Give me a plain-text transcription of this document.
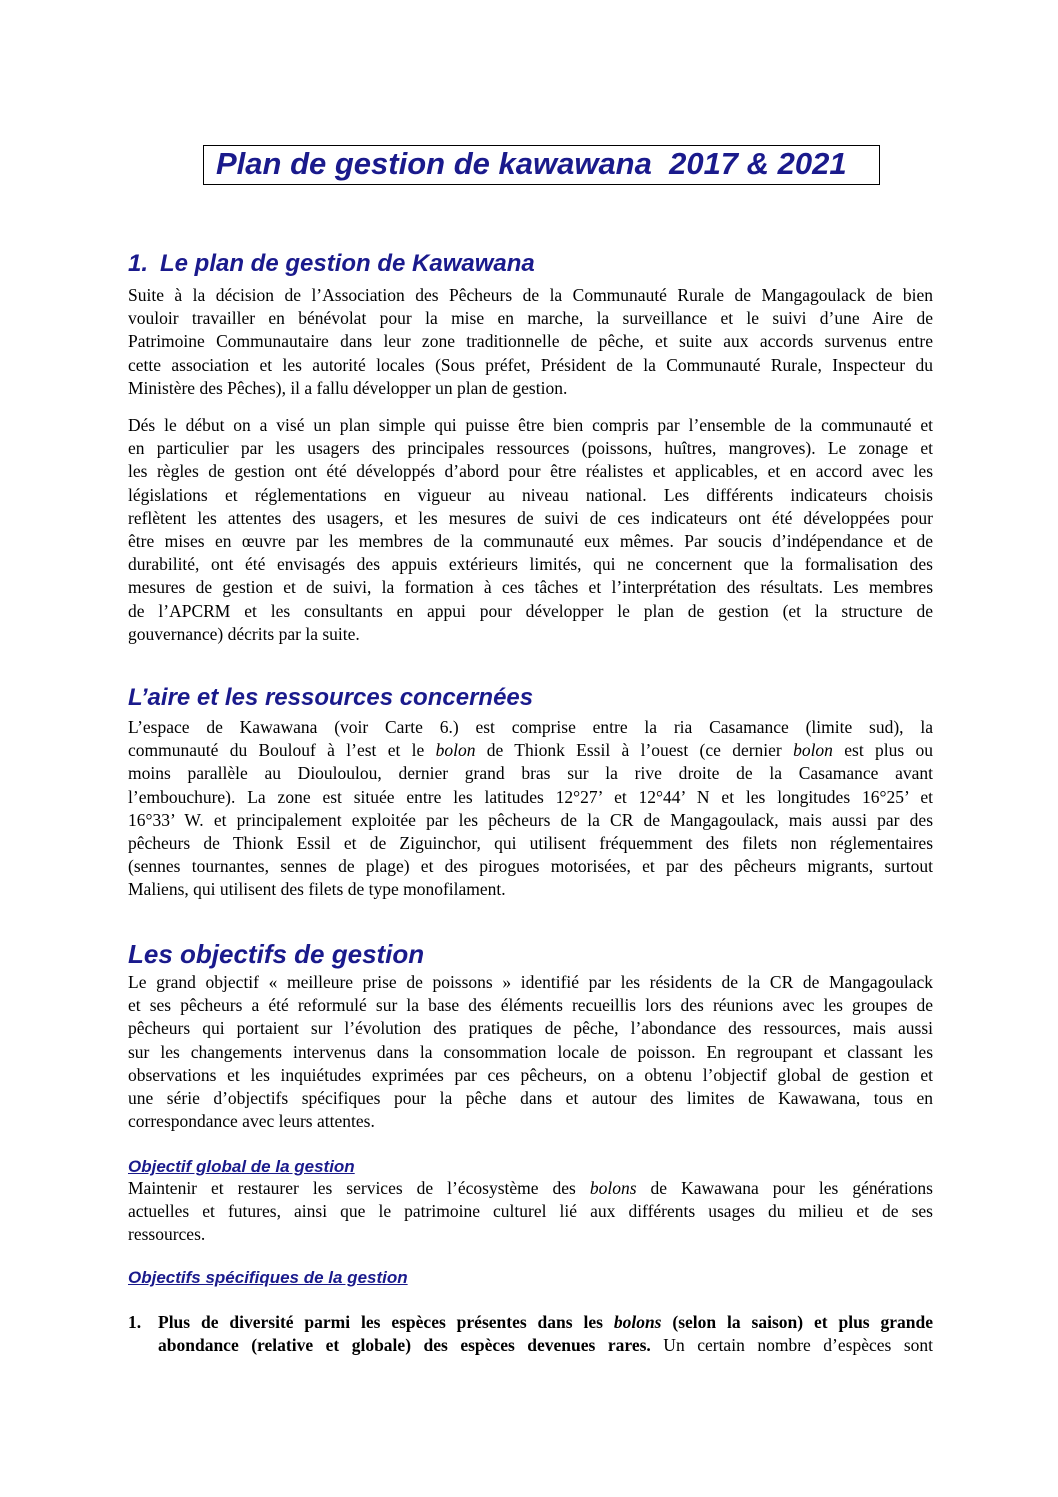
Plan de gestion de kawawana  2017 & 2021
1. Le plan de gestion de Kawawana
Suite à la décision de l’Association des Pêcheurs de la Communauté Rurale de Mangagoulack de bien
vouloir travailler en bénévolat pour la mise en marche, la surveillance et le suivi d’une Aire de
Patrimoine Communautaire dans leur zone traditionnelle de pêche, et suite aux accords survenus entre
cette association et les autorité locales (Sous préfet, Président de la Communauté Rurale, Inspecteur du
Ministère des Pêches), il a fallu développer un plan de gestion.
Dés le début on a visé un plan simple qui puisse être bien compris par l’ensemble de la communauté et
en particulier par les usagers des principales ressources (poissons, huîtres, mangroves). Le zonage et
les règles de gestion ont été développés d’abord pour être réalistes et applicables, et en accord avec les
législations et réglementations en vigueur au niveau national. Les différents indicateurs choisis
reflètent les attentes des usagers, et les mesures de suivi de ces indicateurs ont été développées pour
être mises en œuvre par les membres de la communauté eux mêmes. Par soucis d’indépendance et de
durabilité, ont été envisagés des appuis extérieurs limités, qui ne concernent que la formalisation des
mesures de gestion et de suivi, la formation à ces tâches et l’interprétation des résultats. Les membres
de l’APCRM et les consultants en appui pour développer le plan de gestion (et la structure de
gouvernance) décrits par la suite.
L’aire et les ressources concernées
L’espace de Kawawana (voir Carte 6.) est comprise entre la ria Casamance (limite sud), la
communauté du Boulouf à l’est et le bolon de Thionk Essil à l’ouest (ce dernier bolon est plus ou
moins parallèle au Diouloulou, dernier grand bras sur la rive droite de la Casamance avant
l’embouchure). La zone est située entre les latitudes 12°27’ et 12°44’ N et les longitudes 16°25’ et
16°33’ W. et principalement exploitée par les pêcheurs de la CR de Mangagoulack, mais aussi par des
pêcheurs de Thionk Essil et de Ziguinchor, qui utilisent fréquemment des filets non réglementaires
(sennes tournantes, sennes de plage) et des pirogues motorisées, et par des pêcheurs migrants, surtout
Maliens, qui utilisent des filets de type monofilament.
Les objectifs de gestion
Le grand objectif « meilleure prise de poissons » identifié par les résidents de la CR de Mangagoulack
et ses pêcheurs a été reformulé sur la base des éléments recueillis lors des réunions avec les groupes de
pêcheurs qui portaient sur l’évolution des pratiques de pêche, l’abondance des ressources, mais aussi
sur les changements intervenus dans la consommation locale de poisson. En regroupant et classant les
observations et les inquiétudes exprimées par ces pêcheurs, on a obtenu l’objectif global de gestion et
une série d’objectifs spécifiques pour la pêche dans et autour des limites de Kawawana, tous en
correspondance avec leurs attentes.
Objectif global de la gestion
Maintenir et restaurer les services de l’écosystème des bolons de Kawawana pour les générations
actuelles et futures, ainsi que le patrimoine culturel lié aux différents usages du milieu et de ses
ressources.
Objectifs spécifiques de la gestion
1. Plus de diversité parmi les espèces présentes dans les bolons (selon la saison) et plus grande
abondance (relative et globale) des espèces devenues rares. Un certain nombre d’espèces sont
